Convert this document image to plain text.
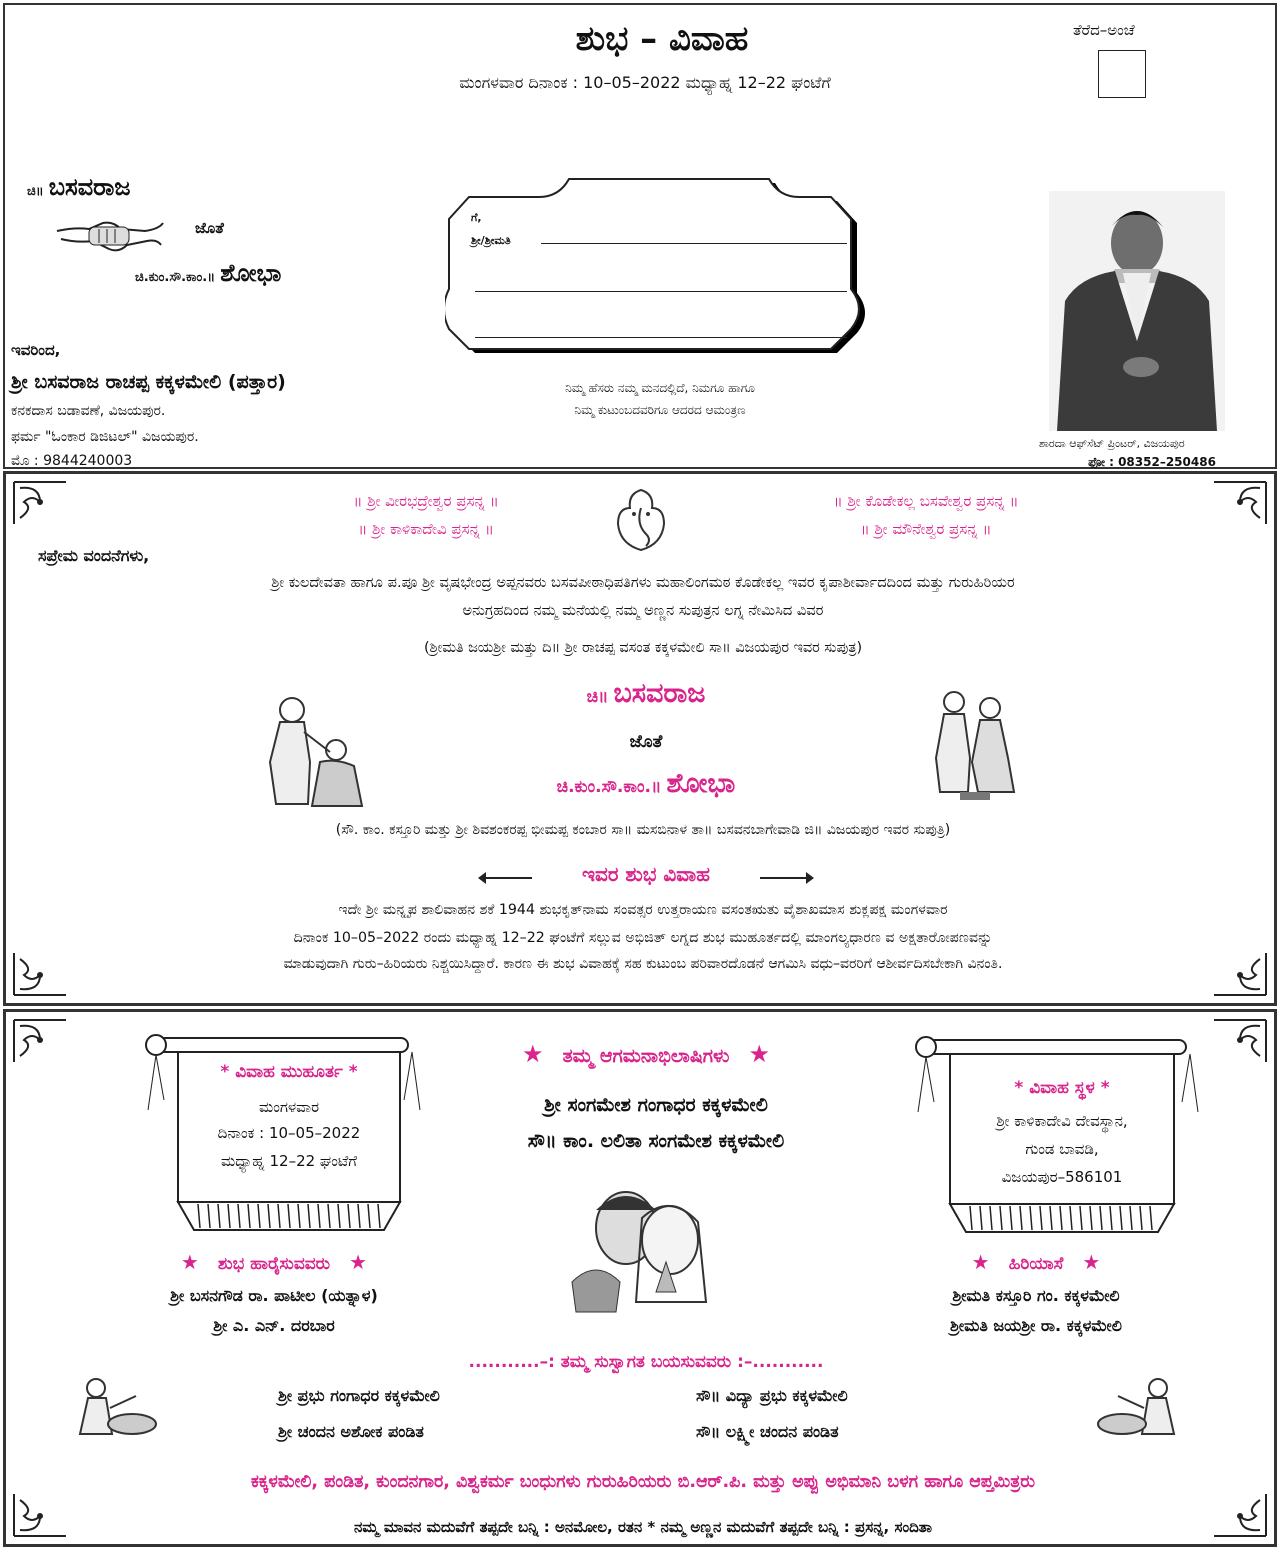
ಶುಭ – ವಿವಾಹ
ಮಂಗಳವಾರ ದಿನಾಂಕ : 10–05–2022 ಮಧ್ಯಾಹ್ನ 12–22 ಘಂಟೆಗೆ
ತೆರೆದ–ಅಂಚೆ
ಚಿ॥ ಬಸವರಾಜ
ಜೊತೆ
ಚಿ.ಕುಂ.ಸೌ.ಕಾಂ.॥ ಶೋಭಾ
ಇವರಿಂದ,
ಶ್ರೀ ಬಸವರಾಜ ರಾಚಪ್ಪ ಕಕ್ಕಳಮೇಲಿ (ಪತ್ತಾರ)
ಕನಕದಾಸ ಬಡಾವಣೆ, ವಿಜಯಪುರ.
ಫರ್ಮ "ಓಂಕಾರ ಡಿಜಿಟಲ್" ವಿಜಯಪುರ.
ಮೊ : 9844240003
ಗೆ,
ಶ್ರೀ/ಶ್ರೀಮತಿ
ನಿಮ್ಮ ಹೆಸರು ನಮ್ಮ ಮನದಲ್ಲಿದೆ, ನಿಮಗೂ ಹಾಗೂ
ನಿಮ್ಮ ಕುಟುಂಬದವರಿಗೂ ಆದರದ ಆಮಂತ್ರಣ
ಶಾರದಾ ಆಫ್‌ಸೆಟ್ ಪ್ರಿಂಟರ್, ವಿಜಯಪುರ
ಫೋ : 08352–250486
॥ ಶ್ರೀ ವೀರಭದ್ರೇಶ್ವರ ಪ್ರಸನ್ನ ॥
॥ ಶ್ರೀ ಕಾಳಿಕಾದೇವಿ ಪ್ರಸನ್ನ ॥
॥ ಶ್ರೀ ಕೊಡೇಕಲ್ಲ ಬಸವೇಶ್ವರ ಪ್ರಸನ್ನ ॥
॥ ಶ್ರೀ ಮೌನೇಶ್ವರ ಪ್ರಸನ್ನ ॥
ಸಪ್ರೇಮ ವಂದನೆಗಳು,
ಶ್ರೀ ಕುಲದೇವತಾ ಹಾಗೂ ಪ.ಪೂ ಶ್ರೀ ವೃಷಭೇಂದ್ರ ಅಪ್ಪನವರು ಬಸವಪೀಠಾಧಿಪತಿಗಳು ಮಹಾಲಿಂಗಮಠ ಕೊಡೇಕಲ್ಲ ಇವರ ಕೃಪಾಶೀರ್ವಾದದಿಂದ ಮತ್ತು ಗುರುಹಿರಿಯರ
ಅನುಗ್ರಹದಿಂದ ನಮ್ಮ ಮನೆಯಲ್ಲಿ ನಮ್ಮ ಅಣ್ಣನ ಸುಪುತ್ರನ ಲಗ್ನ ನೇಮಿಸಿದ ವಿವರ
(ಶ್ರೀಮತಿ ಜಯಶ್ರೀ ಮತ್ತು ದಿ॥ ಶ್ರೀ ರಾಚಪ್ಪ ವಸಂತ ಕಕ್ಕಳಮೇಲಿ ಸಾ॥ ವಿಜಯಪುರ ಇವರ ಸುಪುತ್ರ)
ಚಿ॥ ಬಸವರಾಜ
ಜೊತೆ
ಚಿ.ಕುಂ.ಸೌ.ಕಾಂ.॥ ಶೋಭಾ
(ಸೌ. ಕಾಂ. ಕಸ್ತೂರಿ ಮತ್ತು ಶ್ರೀ ಶಿವಶಂಕರಪ್ಪ ಭೀಮಪ್ಪ ಕಂಬಾರ ಸಾ॥ ಮಸಬಿನಾಳ ತಾ॥ ಬಸವನಬಾಗೇವಾಡಿ ಜಿ॥ ವಿಜಯಪುರ ಇವರ ಸುಪುತ್ರಿ)
ಇವರ ಶುಭ ವಿವಾಹ
ಇದೇ ಶ್ರೀ ಮನ್ನೃಪ ಶಾಲಿವಾಹನ ಶಕೆ 1944 ಶುಭಕೃತ್‌ನಾಮ ಸಂವತ್ಸರ ಉತ್ತರಾಯಣ ವಸಂತಋತು ವೈಶಾಖಮಾಸ ಶುಕ್ಲಪಕ್ಷ ಮಂಗಳವಾರ
ದಿನಾಂಕ 10–05–2022 ರಂದು ಮಧ್ಯಾಹ್ನ 12–22 ಘಂಟೆಗೆ ಸಲ್ಲುವ ಅಭಿಜಿತ್ ಲಗ್ನದ ಶುಭ ಮುಹೂರ್ತದಲ್ಲಿ ಮಾಂಗಲ್ಯಧಾರಣ ವ ಅಕ್ಷತಾರೋಪಣವನ್ನು
ಮಾಡುವುದಾಗಿ ಗುರು–ಹಿರಿಯರು ನಿಶ್ಚಯಿಸಿದ್ದಾರೆ. ಕಾರಣ ಈ ಶುಭ ವಿವಾಹಕ್ಕೆ ಸಹ ಕುಟುಂಬ ಪರಿವಾರದೊಡನೆ ಆಗಮಿಸಿ ವಧು–ವರರಿಗೆ ಆಶೀರ್ವದಿಸಬೇಕಾಗಿ ವಿನಂತಿ.
* ವಿವಾಹ ಮುಹೂರ್ತ *
ಮಂಗಳವಾರ
ದಿನಾಂಕ : 10–05–2022
ಮಧ್ಯಾಹ್ನ 12–22 ಘಂಟೆಗೆ
* ವಿವಾಹ ಸ್ಥಳ *
ಶ್ರೀ ಕಾಳಿಕಾದೇವಿ ದೇವಸ್ಥಾನ,
ಗುಂಡ ಬಾವಡಿ,
ವಿಜಯಪುರ–586101
★ ತಮ್ಮ ಆಗಮನಾಭಿಲಾಷಿಗಳು ★
ಶ್ರೀ ಸಂಗಮೇಶ ಗಂಗಾಧರ ಕಕ್ಕಳಮೇಲಿ
ಸೌ॥ ಕಾಂ. ಲಲಿತಾ ಸಂಗಮೇಶ ಕಕ್ಕಳಮೇಲಿ
★ ಶುಭ ಹಾರೈಸುವವರು ★
ಶ್ರೀ ಬಸನಗೌಡ ರಾ. ಪಾಟೀಲ (ಯತ್ನಾಳ)
ಶ್ರೀ ಎ. ಎನ್. ದರಬಾರ
★ ಹಿರಿಯಾಸೆ ★
ಶ್ರೀಮತಿ ಕಸ್ತೂರಿ ಗಂ. ಕಕ್ಕಳಮೇಲಿ
ಶ್ರೀಮತಿ ಜಯಶ್ರೀ ರಾ. ಕಕ್ಕಳಮೇಲಿ
...........–: ತಮ್ಮ ಸುಸ್ವಾಗತ ಬಯಸುವವರು :–...........
ಶ್ರೀ ಪ್ರಭು ಗಂಗಾಧರ ಕಕ್ಕಳಮೇಲಿ
ಶ್ರೀ ಚಂದನ ಅಶೋಕ ಪಂಡಿತ
ಸೌ॥ ವಿದ್ಯಾ ಪ್ರಭು ಕಕ್ಕಳಮೇಲಿ
ಸೌ॥ ಲಕ್ಷ್ಮೀ ಚಂದನ ಪಂಡಿತ
ಕಕ್ಕಳಮೇಲಿ, ಪಂಡಿತ, ಕುಂದನಗಾರ, ವಿಶ್ವಕರ್ಮ ಬಂಧುಗಳು ಗುರುಹಿರಿಯರು ಬಿ.ಆರ್.ಪಿ. ಮತ್ತು ಅಪ್ಪು ಅಭಿಮಾನಿ ಬಳಗ ಹಾಗೂ ಆಪ್ತಮಿತ್ರರು
ನಮ್ಮ ಮಾವನ ಮದುವೆಗೆ ತಪ್ಪದೇ ಬನ್ನಿ : ಅನಮೋಲ, ರತನ * ನಮ್ಮ ಅಣ್ಣನ ಮದುವೆಗೆ ತಪ್ಪದೇ ಬನ್ನಿ : ಪ್ರಸನ್ನ, ಸಂದಿತಾ
